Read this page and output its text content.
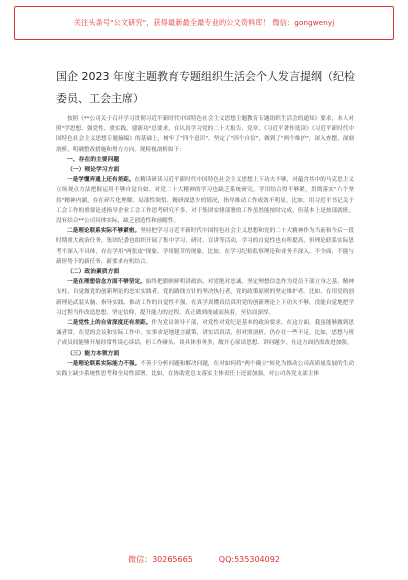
关注头条号"公文研究"，获得最新最全最专业的公文资料库！ 微信：gongwenyj
国企 2023 年度主题教育专题组织生活会个人发言提纲（纪检委员、工会主席）

按照《**公司关于召开学习贯彻习近平新时代中国特色社会主义思想主题教育专题组织生活会的通知》要求，本人对照"学思想、强党性、重实践、建新功"总要求，在认真学习党的二十大报告、党章、《习近平著作选读》《习近平新时代中国特色社会主义思想专题摘编》的基础上，树牢了"四个意识"，坚定了"四个自信"，做到了"两个维护"，深入查摆，深刻剖析，明确整改措施和努力方向。现检视剖析如下：

一、存在的主要问题

（一）理论学习方面

一是学懂弄通上还有差距。在精读研读习近平新时代中国特色社会主义思想上下功夫不够，对蕴含其中的马克思主义立场观点方法把握运用不够自觉自如。对党二十大精神的学习也缺乏系统研究，学用结合得不够紧，贯彻落实"六个坚持"精神内涵，存在碎片化理解、局部性领悟、精研深思少的情况，指导推动工作成效不明显。比如，用习近平书记关于工会工作的重要论述指导企业工会工作思考研究不多，对于集团安排部署的工作虽然能按时完成，但基本上是按部就班，没有结合**公司具体实际，缺乏创造性和前瞻性。

二是理论联系实际不够紧密。坚持把学习习近平新时代中国特色社会主义思想和党的二十大精神作为当前和今后一段时期重大政治任务，集团纪委也组织开展了集中学习、研讨、宣讲等活动，学习的自觉性也有所提高，但理论联系实际思考不深入不具体，存在学用"两张皮"现象、学用脱节的现象。比如，在学习纪检监察理论和业务不深入、不全面，不能与新形势下的新任务、新要求有机结合。

（二）政治素质方面

一是在理想信念方面不够坚定。始终把旗帜鲜明讲政治、对党绝对忠诚、坚定理想信念作为党员干部立身之基、精神支柱，自觉做党的创新理论的忠实实践者。党的路线方针的坚决执行者，党的政策原则的坚定维护者。比如，在用党的创新理论武装头脑、指导实践、推动工作的自觉性不强，在真学真懂真信真用党的创新理论上下功夫不够，没能自觉地把学习过程当作改造思想，坚定信仰，提升能力的过程，真正做到虔诚而执着，至信而深厚。

二是党性上的自省深度还有差距。作为党员领导干部，对党性对党纪是基本的政治要求。在这方面，我虽能够做到思诚者常，在党的会议和实际工作中，实事求是地建言献策，讲实话真话，但对照剖析，仍存在一些不足。比如，思想与班子成员间能够开展经常性谈心谈话，但工作碰头、谈具体事务多，敞开心扉谈思想、讲问题少，在这方面仍需改进加强。

（三）能力本领方面

一是理论联系实际能力不强。不善于分析问题和解决问题，在对如何将"两个确立"转化为推动公司高质量发展的生动实践上缺少系统性思考和全局性部署。比如，在协助党总支落实主体责任上还需加强，对公司各党支部主体

微信：30265665	QQ:535304092
